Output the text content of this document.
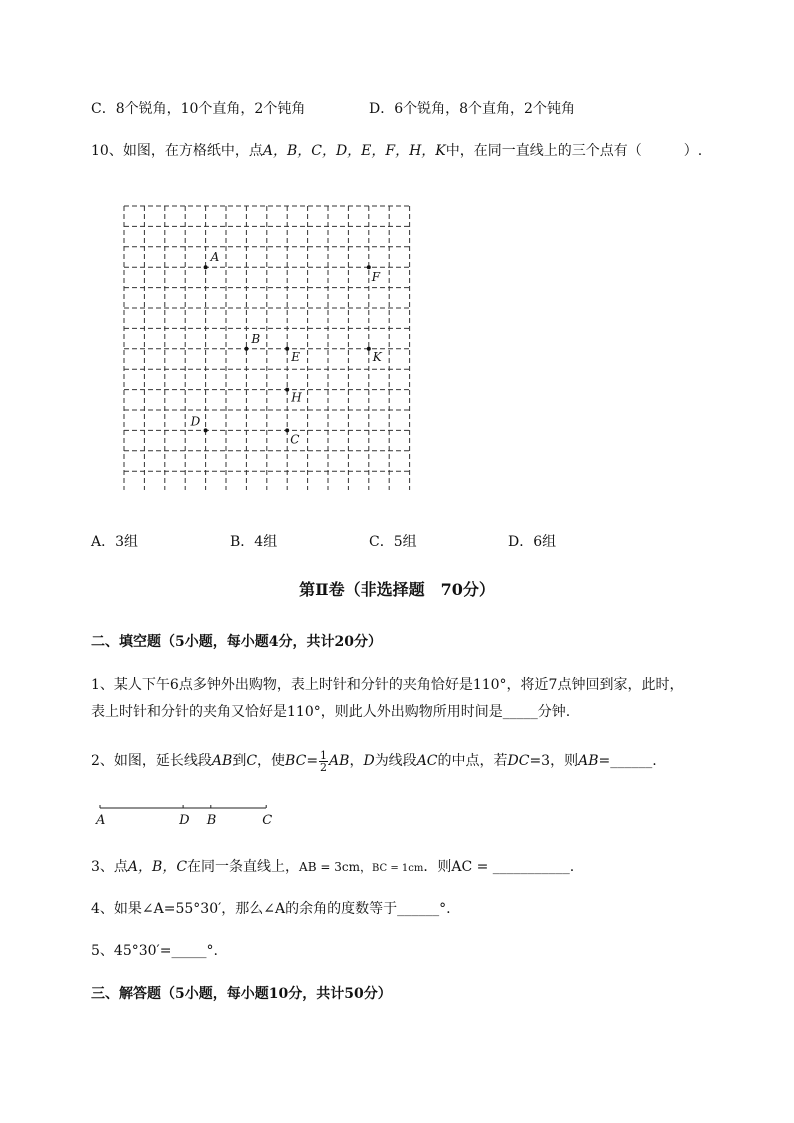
C．8个锐角，10个直角，2个钝角	D．6个锐角，8个直角，2个钝角
10、如图，在方格纸中，点A，B，C，D，E，F，H，K中，在同一直线上的三个点有（　　　）.
A
F
B
E	K
H
D
C
A．3组	B．4组	C．5组	D．6组
第Ⅱ卷（非选择题　70分）
二、填空题（5小题，每小题4分，共计20分）
1、某人下午6点多钟外出购物，表上时针和分针的夹角恰好是110°，将近7点钟回到家，此时，
表上时针和分针的夹角又恰好是110°，则此人外出购物所用时间是_____分钟.
2、如图，延长线段AB到C，使$BC= \frac{1}{2}$ AB，D为线段AC的中点，若DC=3，则AB=______.
A	D B	C
3、点A，B，C在同一条直线上，AB = 3cm，BC = 1cm．则AC = ___________.
4、如果∠A=55°30′，那么∠A的余角的度数等于______°.
5、45°30′=_____°.
三、解答题（5小题，每小题10分，共计50分）
